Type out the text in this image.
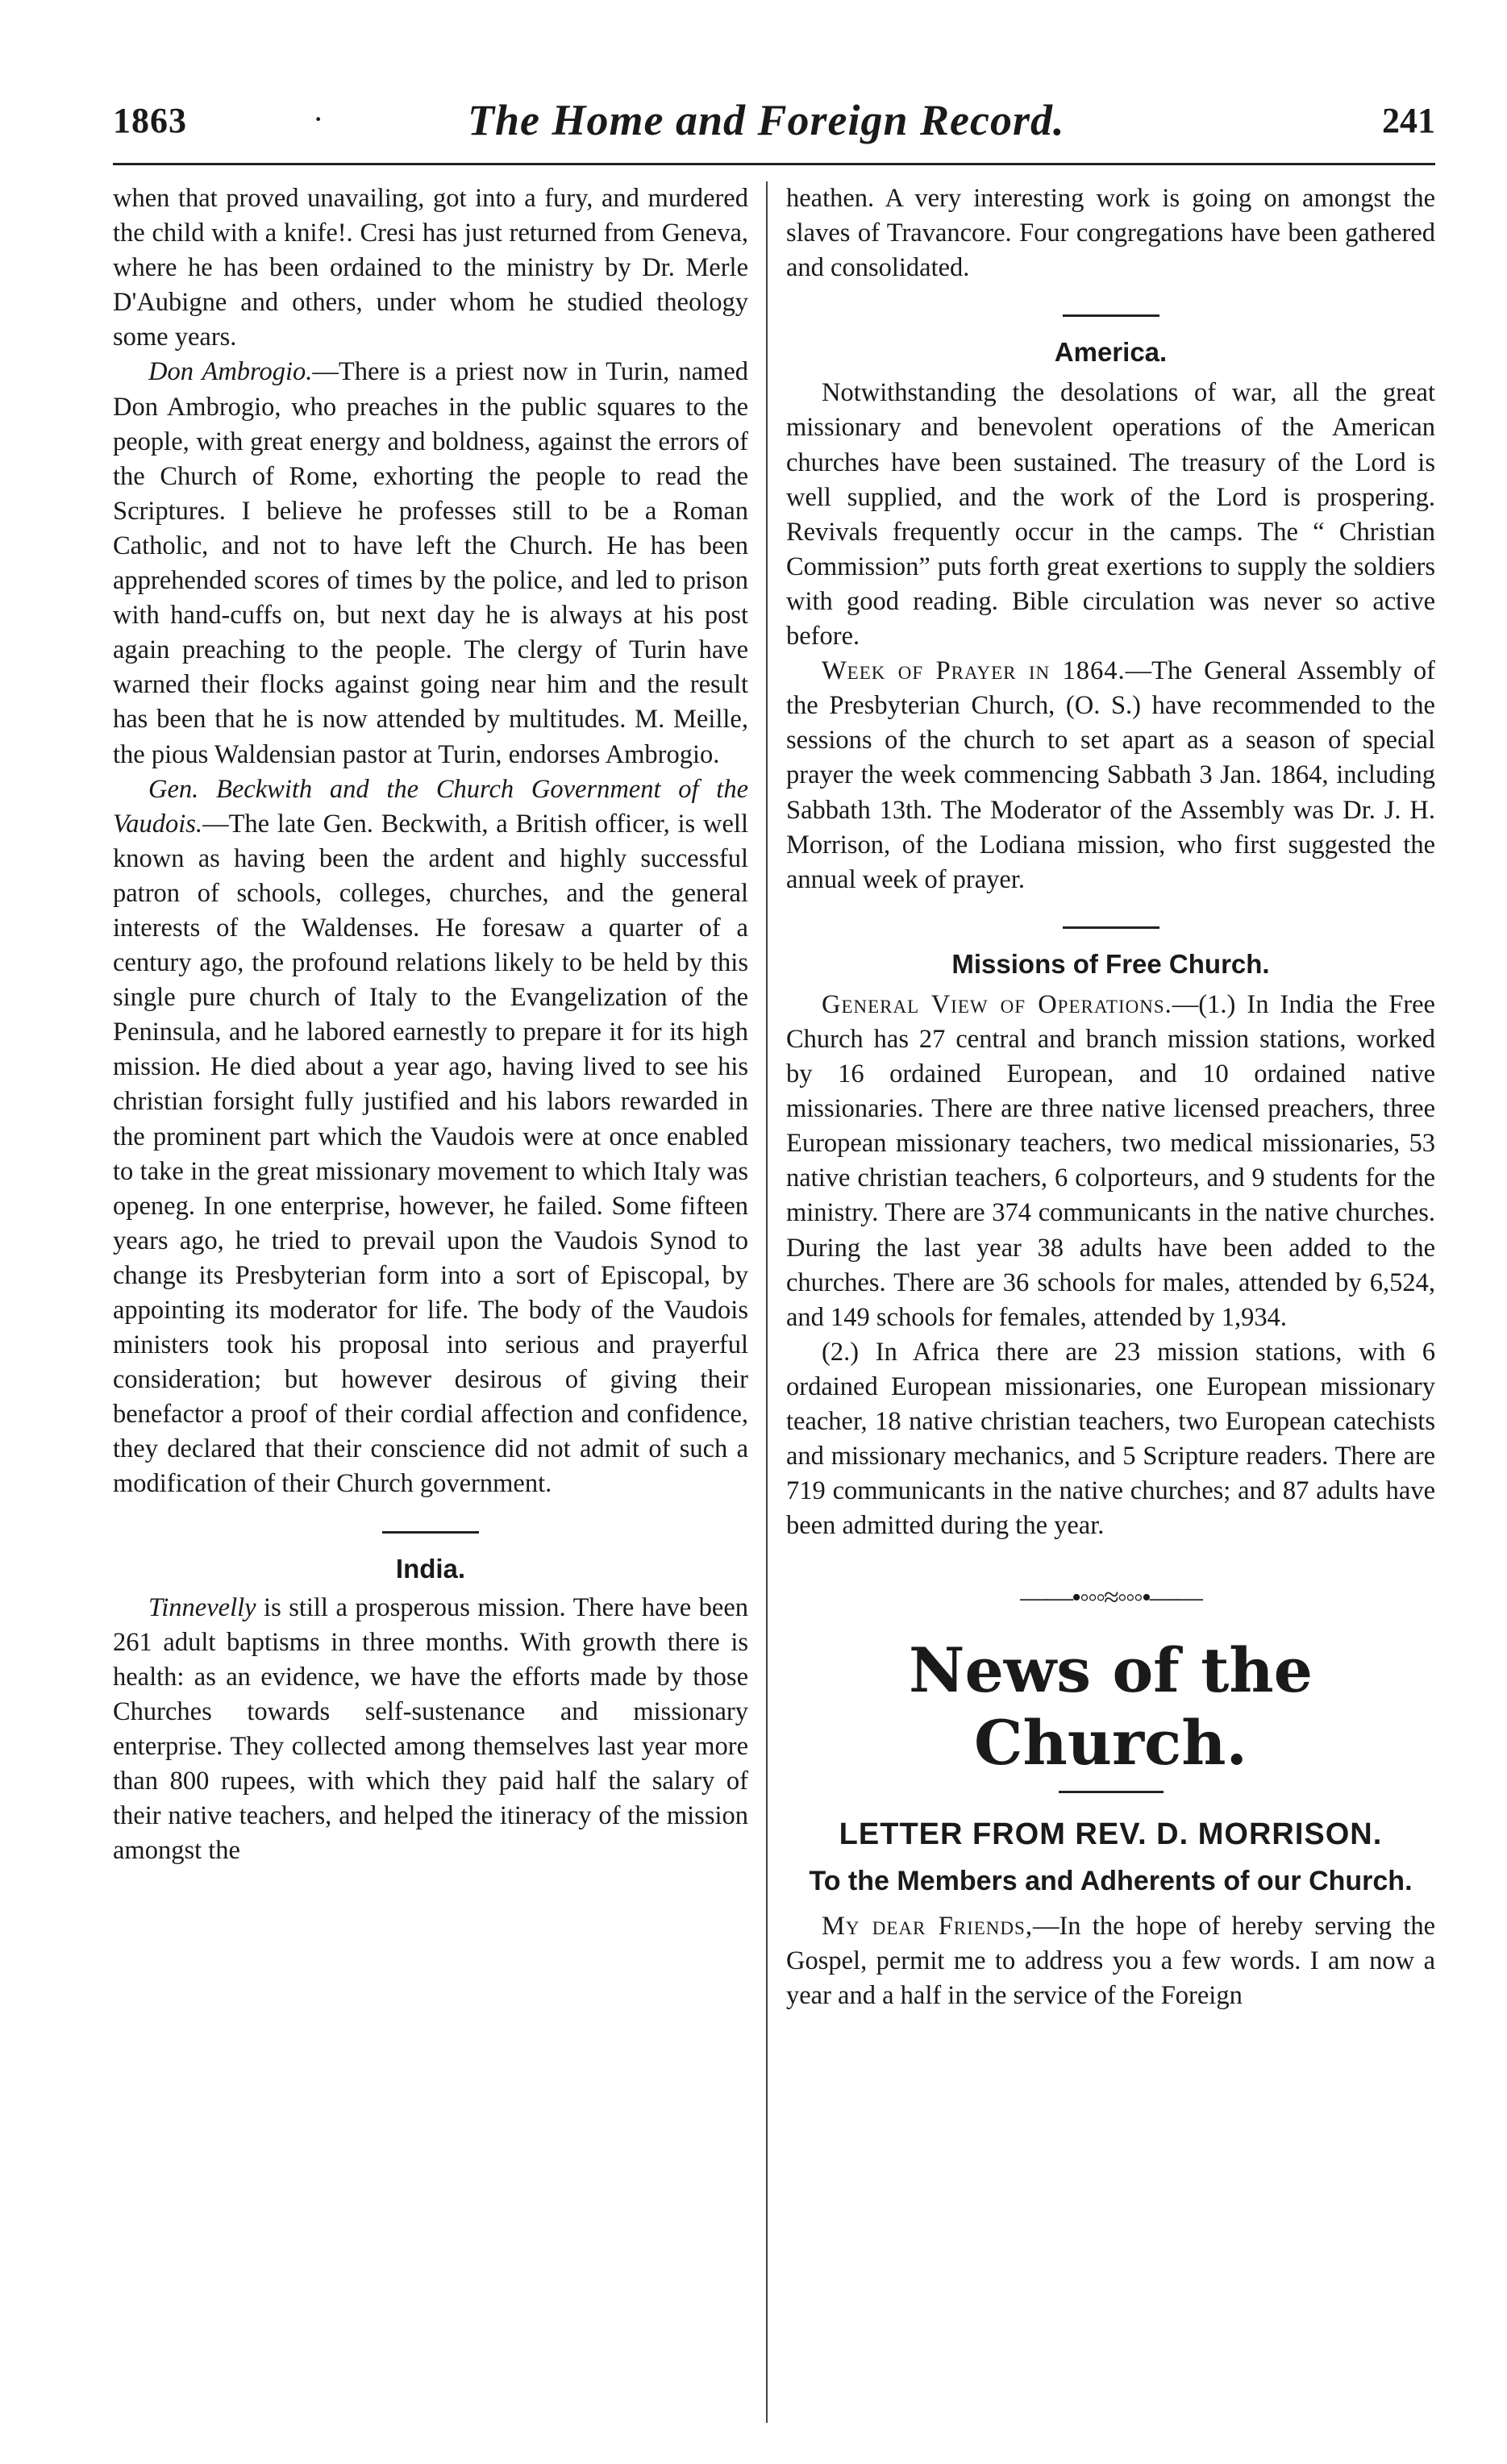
1863	·	The Home and Foreign Record.	241

when that proved unavailing, got into a fury, and murdered the child with a knife!. Cresi has just returned from Geneva, where he has been ordained to the ministry by Dr. Merle D'Aubigne and others, under whom he studied theology some years.

Don Ambrogio.—There is a priest now in Turin, named Don Ambrogio, who preaches in the public squares to the people, with great energy and boldness, against the errors of the Church of Rome, exhorting the people to read the Scriptures. I believe he professes still to be a Roman Catholic, and not to have left the Church. He has been apprehended scores of times by the police, and led to prison with hand-cuffs on, but next day he is always at his post again preaching to the people. The clergy of Turin have warned their flocks against going near him and the result has been that he is now attended by multitudes. M. Meille, the pious Waldensian pastor at Turin, endorses Ambrogio.

Gen. Beckwith and the Church Government of the Vaudois.—The late Gen. Beckwith, a British officer, is well known as having been the ardent and highly successful patron of schools, colleges, churches, and the general interests of the Waldenses. He foresaw a quarter of a century ago, the profound relations likely to be held by this single pure church of Italy to the Evangelization of the Peninsula, and he labored earnestly to prepare it for its high mission. He died about a year ago, having lived to see his christian forsight fully justified and his labors rewarded in the prominent part which the Vaudois were at once enabled to take in the great missionary movement to which Italy was openeg. In one enterprise, however, he failed. Some fifteen years ago, he tried to prevail upon the Vaudois Synod to change its Presbyterian form into a sort of Episcopal, by appointing its moderator for life. The body of the Vaudois ministers took his proposal into serious and prayerful consideration; but however desirous of giving their benefactor a proof of their cordial affection and confidence, they declared that their conscience did not admit of such a modification of their Church government.

India.

Tinnevelly is still a prosperous mission. There have been 261 adult baptisms in three months. With growth there is health: as an evidence, we have the efforts made by those Churches towards self-sustenance and missionary enterprise. They collected among themselves last year more than 800 rupees, with which they paid half the salary of their native teachers, and helped the itineracy of the mission amongst the

heathen. A very interesting work is going on amongst the slaves of Travancore. Four congregations have been gathered and consolidated.

America.

Notwithstanding the desolations of war, all the great missionary and benevolent operations of the American churches have been sustained. The treasury of the Lord is well supplied, and the work of the Lord is prospering. Revivals frequently occur in the camps. The “ Christian Commission” puts forth great exertions to supply the soldiers with good reading. Bible circulation was never so active before.

Week of Prayer in 1864.—The General Assembly of the Presbyterian Church, (O. S.) have recommended to the sessions of the church to set apart as a season of special prayer the week commencing Sabbath 3 Jan. 1864, including Sabbath 13th. The Moderator of the Assembly was Dr. J. H. Morrison, of the Lodiana mission, who first suggested the annual week of prayer.

Missions of Free Church.

General View of Operations.—(1.) In India the Free Church has 27 central and branch mission stations, worked by 16 ordained European, and 10 ordained native missionaries. There are three native licensed preachers, three European missionary teachers, two medical missionaries, 53 native christian teachers, 6 colporteurs, and 9 students for the ministry. There are 374 communicants in the native churches. During the last year 38 adults have been added to the churches. There are 36 schools for males, attended by 6,524, and 149 schools for females, attended by 1,934.

(2.) In Africa there are 23 mission stations, with 6 ordained European missionaries, one European missionary teacher, 18 native christian teachers, two European catechists and missionary mechanics, and 5 Scripture readers. There are 719 communicants in the native churches; and 87 adults have been admitted during the year.

——•◦◦◦≈◦◦◦•——
News of the Church.
LETTER FROM REV. D. MORRISON.
To the Members and Adherents of our Church.

My dear Friends,—In the hope of hereby serving the Gospel, permit me to address you a few words. I am now a year and a half in the service of the Foreign
